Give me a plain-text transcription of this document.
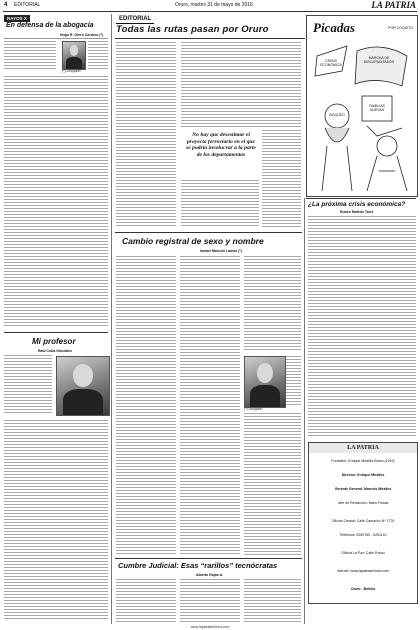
4 EDITORIAL	Oruro, martes 31 de mayo de 2016	LA PATRIA
RAYOS X
En defensa de la abogacía
Hugo R. Otero Cordero (*)
(*) Abogado
Mi profesor
Raúl Cuba Gonzáles
EDITORIAL
Todas las rutas pasan por Oruro
No hay que desestimar el proyecto ferroviario en el que se podría involucrar a la parte de los departamentos
Picadas	POR COQUITO
MARCHA DE DISCAPACITADOS
CRISIS ECONÓMICA
FAMILIAS NUEVAS
BOQUEO
¿La próxima crisis económica?
Rubén Mateos Tarré
Cambio registral de sexo y nombre
Ismael Marcelo Lamas (*)
(*) Abogado
Cumbre Judicial: Esas “rarillos” tecnócratas
Alberto Rojas A.
LA PATRIA
Fundador: Enrique Miralles Bravo (1919)
Director: Enrique Miralles
Gerente General: Marcelo Miralles
Jefe de Redacción: Mario Rosas
Oficina Central: Calle Camacho Nº 1776
Teléfonos: 5250780 - 5251140
Oficina La Paz: Calle Potosí
Internet: www.lapatriaenlinea.com
Oruro - Bolivia
www.lapatriaenlinea.com
